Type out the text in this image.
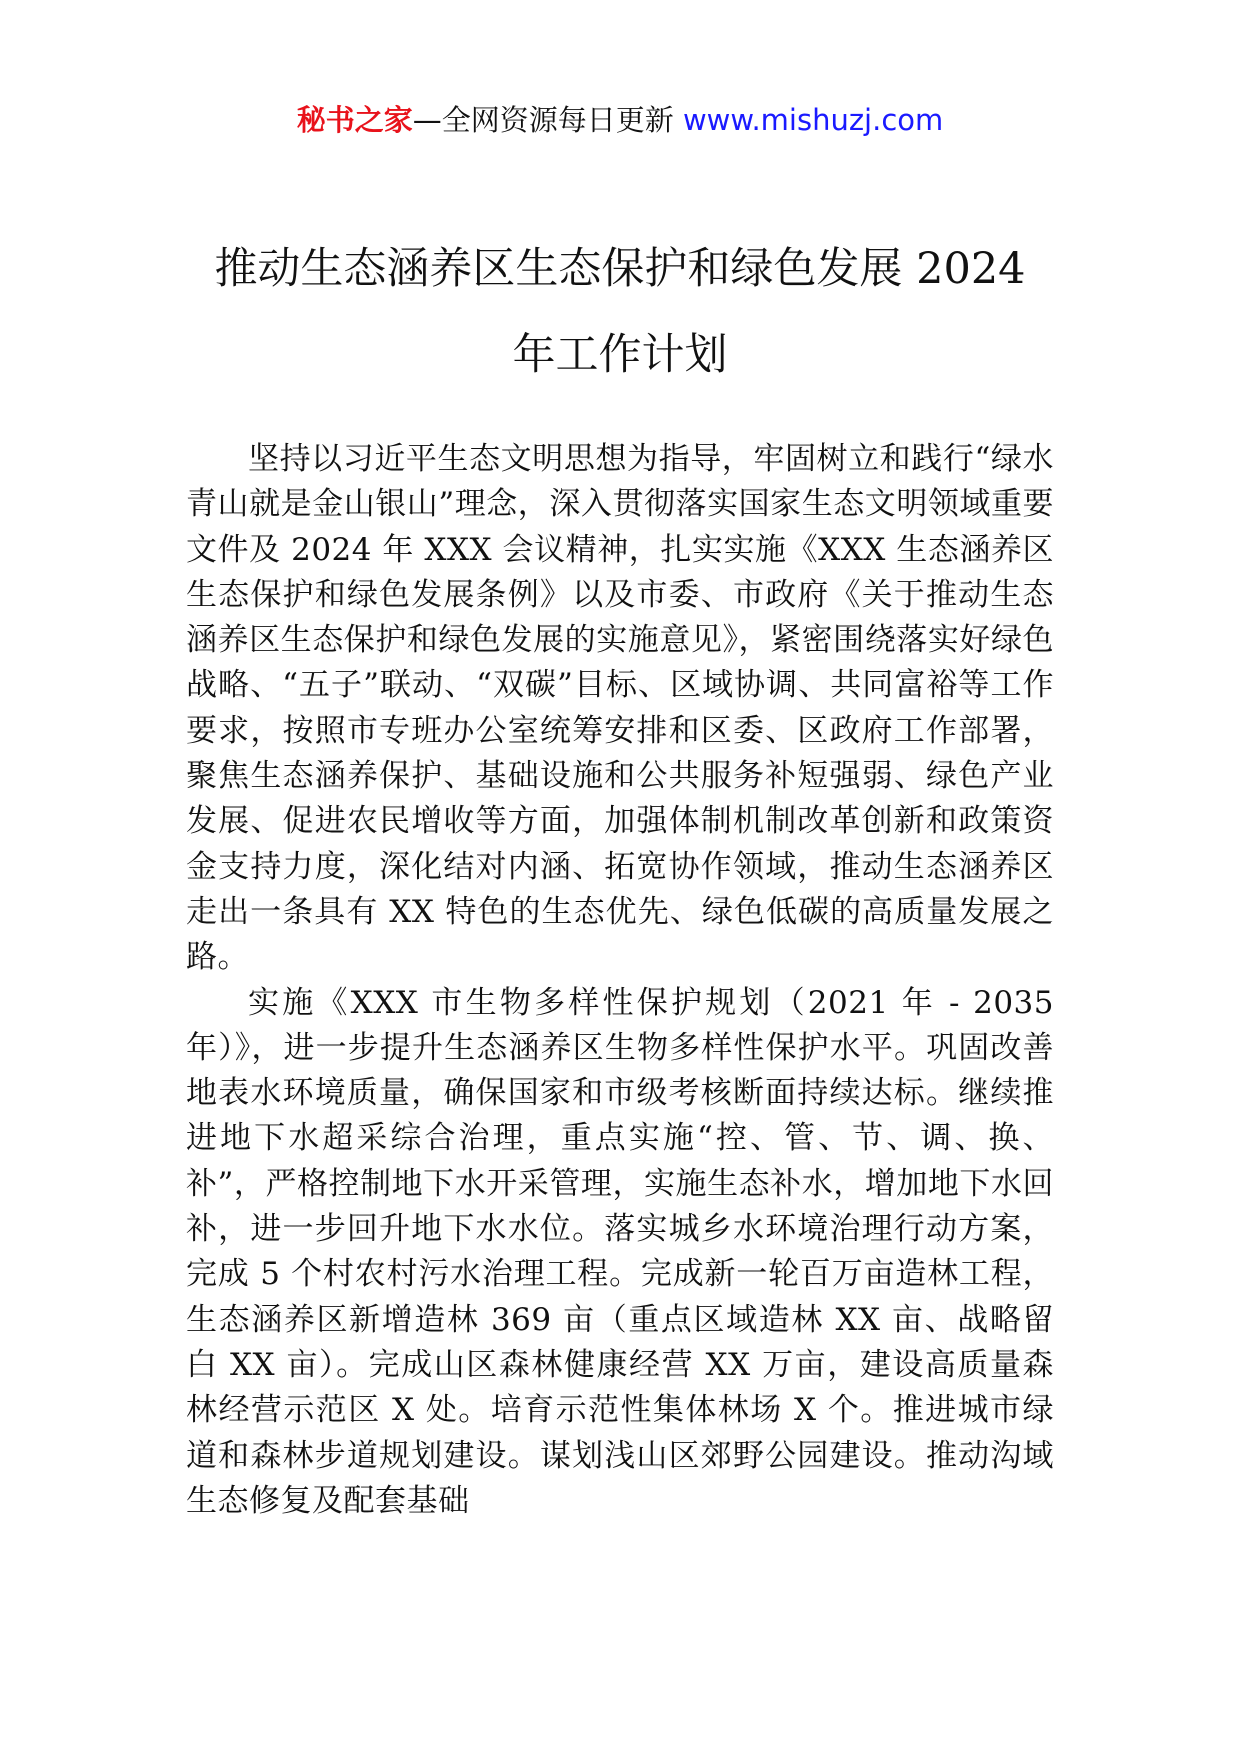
秘书之家—全网资源每日更新 www.mishuzj.com
推动生态涵养区生态保护和绿色发展 2024
年工作计划

坚持以习近平生态文明思想为指导，牢固树立和践行“绿水青山就是金山银山”理念，深入贯彻落实国家生态文明领域重要文件及 2024 年 XXX 会议精神，扎实实施《XXX 生态涵养区生态保护和绿色发展条例》以及市委、市政府《关于推动生态涵养区生态保护和绿色发展的实施意见》，紧密围绕落实好绿色战略、“五子”联动、“双碳”目标、区域协调、共同富裕等工作要求，按照市专班办公室统筹安排和区委、区政府工作部署，聚焦生态涵养保护、基础设施和公共服务补短强弱、绿色产业发展、促进农民增收等方面，加强体制机制改革创新和政策资金支持力度，深化结对内涵、拓宽协作领域，推动生态涵养区走出一条具有 XX 特色的生态优先、绿色低碳的高质量发展之路。

实施《XXX 市生物多样性保护规划（2021 年 - 2035 年）》，进一步提升生态涵养区生物多样性保护水平。巩固改善地表水环境质量，确保国家和市级考核断面持续达标。继续推进地下水超采综合治理，重点实施“控、管、节、调、换、补”，严格控制地下水开采管理，实施生态补水，增加地下水回补，进一步回升地下水水位。落实城乡水环境治理行动方案，完成 5 个村农村污水治理工程。完成新一轮百万亩造林工程，生态涵养区新增造林 369 亩（重点区域造林 XX 亩、战略留白 XX 亩）。完成山区森林健康经营 XX 万亩，建设高质量森林经营示范区 X 处。培育示范性集体林场 X 个。推进城市绿道和森林步道规划建设。谋划浅山区郊野公园建设。推动沟域生态修复及配套基础
